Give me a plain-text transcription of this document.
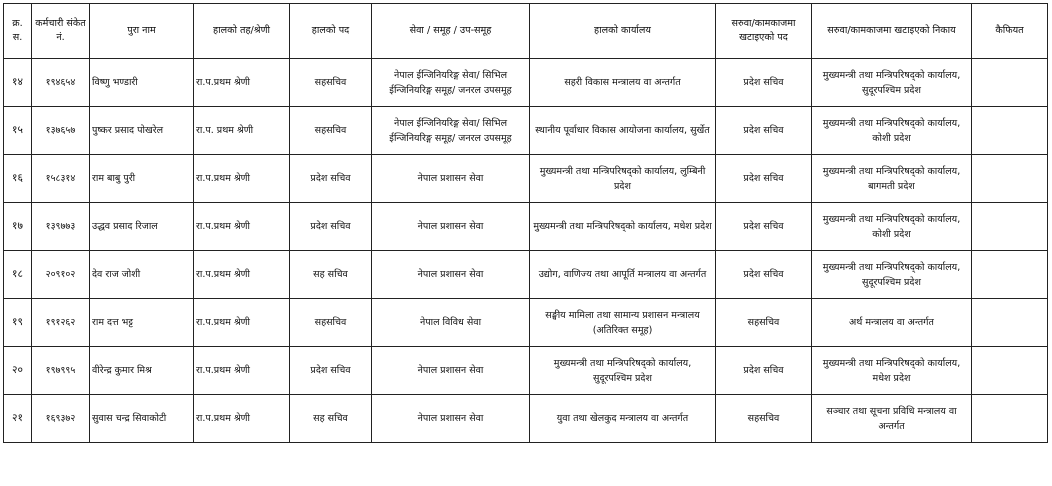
क्र. स.	कर्मचारी संकेत नं.	पुरा नाम	हालको तह/श्रेणी	हालको पद	सेवा / समूह / उप-समूह	हालको कार्यालय	सरुवा/कामकाजमा खटाइएको पद	सरुवा/कामकाजमा खटाइएको निकाय	कैफियत
१४	१९४६५४	विष्णु भण्डारी	रा.प.प्रथम श्रेणी	सहसचिव	नेपाल ईन्जिनियरिङ्ग सेवा/ सिभिल ईन्जिनियरिङ्ग समूह/ जनरल उपसमूह	सहरी विकास मन्त्रालय वा अन्तर्गत	प्रदेश सचिव	मुख्यमन्त्री तथा मन्त्रिपरिषद्को कार्यालय, सुदूरपश्चिम प्रदेश	
१५	१३७६५७	पुष्कर प्रसाद पोखरेल	रा.प. प्रथम श्रेणी	सहसचिव	नेपाल ईन्जिनियरिङ्ग सेवा/ सिभिल ईन्जिनियरिङ्ग समूह/ जनरल उपसमूह	स्थानीय पूर्वाधार विकास आयोजना कार्यालय, सुर्खेत	प्रदेश सचिव	मुख्यमन्त्री तथा मन्त्रिपरिषद्को कार्यालय, कोशी प्रदेश	
१६	१५८३१४	राम बाबु पुरी	रा.प.प्रथम श्रेणी	प्रदेश सचिव	नेपाल प्रशासन सेवा	मुख्यमन्त्री तथा मन्त्रिपरिषद्को कार्यालय, लुम्बिनी प्रदेश	प्रदेश सचिव	मुख्यमन्त्री तथा मन्त्रिपरिषद्को कार्यालय, बागमती प्रदेश	
१७	१३९७७३	उद्धव प्रसाद रिजाल	रा.प.प्रथम श्रेणी	प्रदेश सचिव	नेपाल प्रशासन सेवा	मुख्यमन्त्री तथा मन्त्रिपरिषद्को कार्यालय, मधेश प्रदेश	प्रदेश सचिव	मुख्यमन्त्री तथा मन्त्रिपरिषद्को कार्यालय, कोशी प्रदेश	
१८	२०९१०२	देव राज जोशी	रा.प.प्रथम श्रेणी	सह सचिव	नेपाल प्रशासन सेवा	उद्योग, वाणिज्य तथा आपूर्ति मन्त्रालय वा अन्तर्गत	प्रदेश सचिव	मुख्यमन्त्री तथा मन्त्रिपरिषद्को कार्यालय, सुदूरपश्चिम प्रदेश	
१९	१९१२६२	राम दत्त भट्ट	रा.प.प्रथम श्रेणी	सहसचिव	नेपाल विविध सेवा	सङ्घीय मामिला तथा सामान्य प्रशासन मन्त्रालय (अतिरिक्त समूह)	सहसचिव	अर्थ मन्त्रालय वा अन्तर्गत	
२०	१९७९९५	वीरेन्द्र कुमार मिश्र	रा.प.प्रथम श्रेणी	प्रदेश सचिव	नेपाल प्रशासन सेवा	मुख्यमन्त्री तथा मन्त्रिपरिषद्को कार्यालय, सुदूरपश्चिम प्रदेश	प्रदेश सचिव	मुख्यमन्त्री तथा मन्त्रिपरिषद्को कार्यालय, मधेश प्रदेश	
२१	१६९३७२	सुवास चन्द्र सिवाकोटी	रा.प.प्रथम श्रेणी	सह सचिव	नेपाल प्रशासन सेवा	युवा तथा खेलकुद मन्त्रालय वा अन्तर्गत	सहसचिव	सञ्चार तथा सूचना प्रविधि मन्त्रालय वा अन्तर्गत	
